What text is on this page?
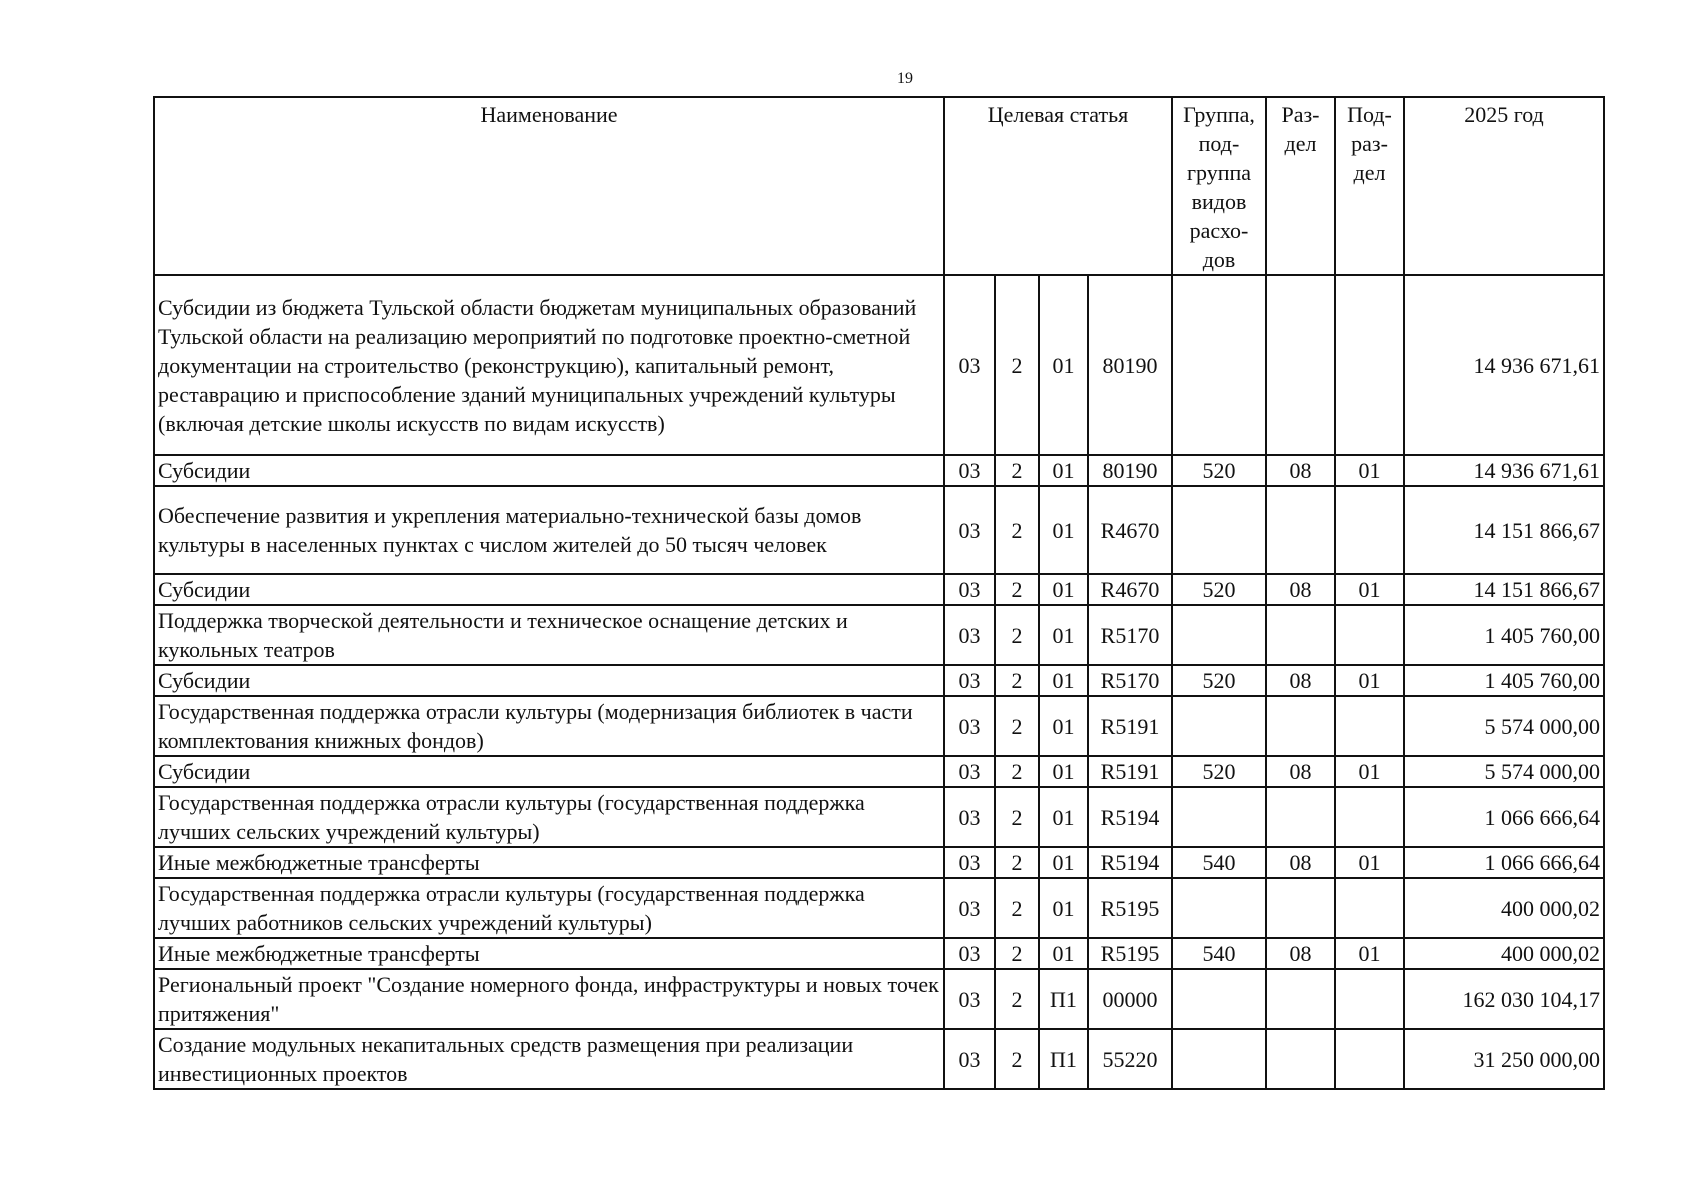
19
Наименование	Целевая статья				Группа, под-группа видов расхо-дов	Раз-дел	Под-раз-дел	2025 год
Субсидии из бюджета Тульской области бюджетам муниципальных образований Тульской области на реализацию мероприятий по подготовке проектно-сметной документации на строительство (реконструкцию), капитальный ремонт, реставрацию и приспособление зданий муниципальных учреждений культуры (включая детские школы искусств по видам искусств)	03	2	01	80190				14 936 671,61
Субсидии	03	2	01	80190	520	08	01	14 936 671,61
Обеспечение развития и укрепления материально-технической базы домов культуры в населенных пунктах с числом жителей до 50 тысяч человек	03	2	01	R4670				14 151 866,67
Субсидии	03	2	01	R4670	520	08	01	14 151 866,67
Поддержка творческой деятельности и техническое оснащение детских и кукольных театров	03	2	01	R5170				1 405 760,00
Субсидии	03	2	01	R5170	520	08	01	1 405 760,00
Государственная поддержка отрасли культуры (модернизация библиотек в части комплектования книжных фондов)	03	2	01	R5191				5 574 000,00
Субсидии	03	2	01	R5191	520	08	01	5 574 000,00
Государственная поддержка отрасли культуры (государственная поддержка лучших сельских учреждений культуры)	03	2	01	R5194				1 066 666,64
Иные межбюджетные трансферты	03	2	01	R5194	540	08	01	1 066 666,64
Государственная поддержка отрасли культуры (государственная поддержка лучших работников сельских учреждений культуры)	03	2	01	R5195				400 000,02
Иные межбюджетные трансферты	03	2	01	R5195	540	08	01	400 000,02
Региональный проект "Создание номерного фонда, инфраструктуры и новых точек притяжения"	03	2	П1	00000				162 030 104,17
Создание модульных некапитальных средств размещения при реализации инвестиционных проектов	03	2	П1	55220				31 250 000,00
